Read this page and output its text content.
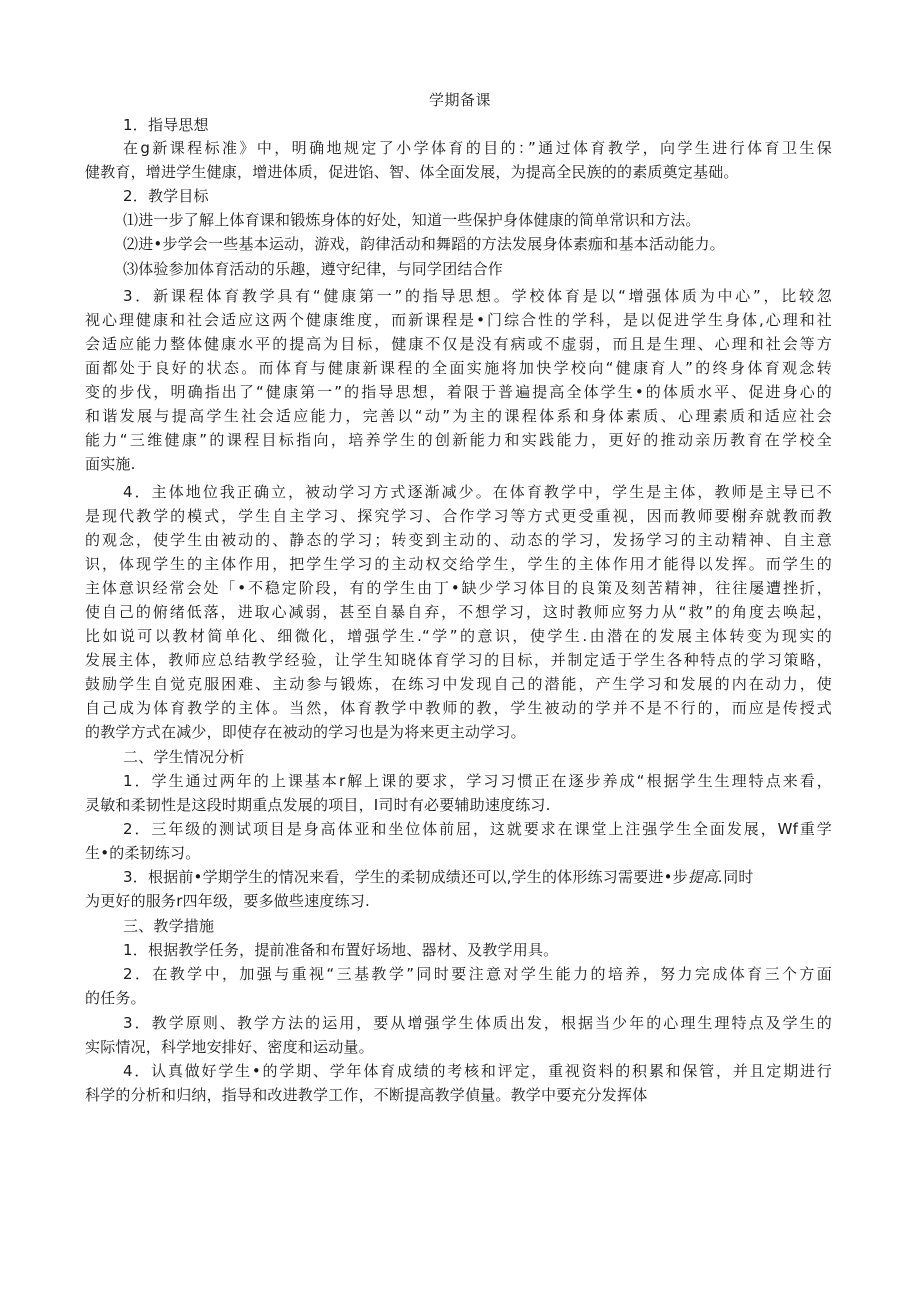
学期备课
1．指导思想
在g新课程标准》中，明确地规定了小学体育的目的：”通过体育教学，向学生进行体育卫生保
健教育，增进学生健康，增进体质，促进馅、智、体全面发展，为提高全民族的的素质奠定基础。
2．教学目标
⑴进一步了解上体育课和锻炼身体的好处，知道一些保护身体健康的简单常识和方法。
⑵进•步学会一些基本运动，游戏，韵律活动和舞蹈的方法发展身体素痂和基本活动能力。
⑶体验参加体育活动的乐趣，遵守纪律，与同学团结合作
3．新课程体育教学具有“健康第一”的指导思想。学校体育是以“增强体质为中心”，比较忽
视心理健康和社会适应这两个健康维度，而新课程是•门综合性的学科，是以促进学生身体,心理和社
会适应能力整体健康水平的提高为目标，健康不仅是没有病或不虚弱，而且是生理、心理和社会等方
面都处于良好的状态。而体育与健康新课程的全面实施将加快学校向“健康育人”的终身体育观念转
变的步伐，明确指出了“健康第一”的指导思想，着限于普遍提高全体学生•的体质水平、促进身心的
和谐发展与提高学生社会适应能力，完善以“动”为主的课程体系和身体素质、心理素质和适应社会
能力“三维健康”的课程目标指向，培养学生的创新能力和实践能力，更好的推动亲历教育在学校全
面实施.
4．主体地位我正确立，被动学习方式逐渐减少。在体育教学中，学生是主体，教师是主导已不
是现代教学的模式，学生自主学习、探究学习、合作学习等方式更受重视，因而教师要榭弃就教而教
的观念，使学生由被动的、静态的学习；转变到主动的、动态的学习，发扬学习的主动精神、自主意
识，体现学生的主体作用，把学生学习的主动权交给学生，学生的主体作用才能得以发挥。而学生的
主体意识经常会处「•不稳定阶段，有的学生由丁•缺少学习体目的良策及刻苦精神，往往屡遭挫折，
使自己的俯绪低落，进取心减弱，甚至自暴自弃，不想学习，这时教师应努力从“救”的角度去唤起，
比如说可以教材简单化、细微化，增强学生.“学”的意识，使学生.由潜在的发展主体转变为现实的
发展主体，教师应总结教学经验，让学生知晓体育学习的目标，并制定适于学生各种特点的学习策略，
鼓励学生自觉克服困难、主动参与锻炼，在练习中发现自己的潜能，产生学习和发展的内在动力，使
自己成为体育教学的主体。当然，体育教学中教师的教，学生被动的学并不是不行的，而应是传授式
的教学方式在减少，即使存在被动的学习也是为将来更主动学习。
二、学生情况分析
1．学生通过两年的上课基本r解上课的要求，学习习惯正在逐步养成“根据学生生理特点来看，
灵敏和柔韧性是这段时期重点发展的项目，I司时有必要辅助速度练习.
2．三年级的测试项目是身高体亚和坐位体前屈，这就要求在课堂上注强学生全面发展，Wf重学
生•的柔韧练习。
3．根据前•学期学生的情况来看，学生的柔韧成绩还可以,学生的体形练习需要进•步提高.同时
为更好的服务r四年级，要多做些速度练习.
三、教学措施
1．根据教学任务，提前准备和布置好场地、器材、及教学用具。
2．在教学中，加强与重视“三基教学”同时要注意对学生能力的培养，努力完成体育三个方面
的任务。
3．教学原则、教学方法的运用，要从增强学生体质出发，根据当少年的心理生理特点及学生的
实际情况，科学地安排好、密度和运动量。
4．认真做好学生•的学期、学年体育成绩的考核和评定，重视资料的积累和保管，并且定期进行
科学的分析和归纳，指导和改进教学工作，不断提高教学偵量。教学中要充分发挥体
